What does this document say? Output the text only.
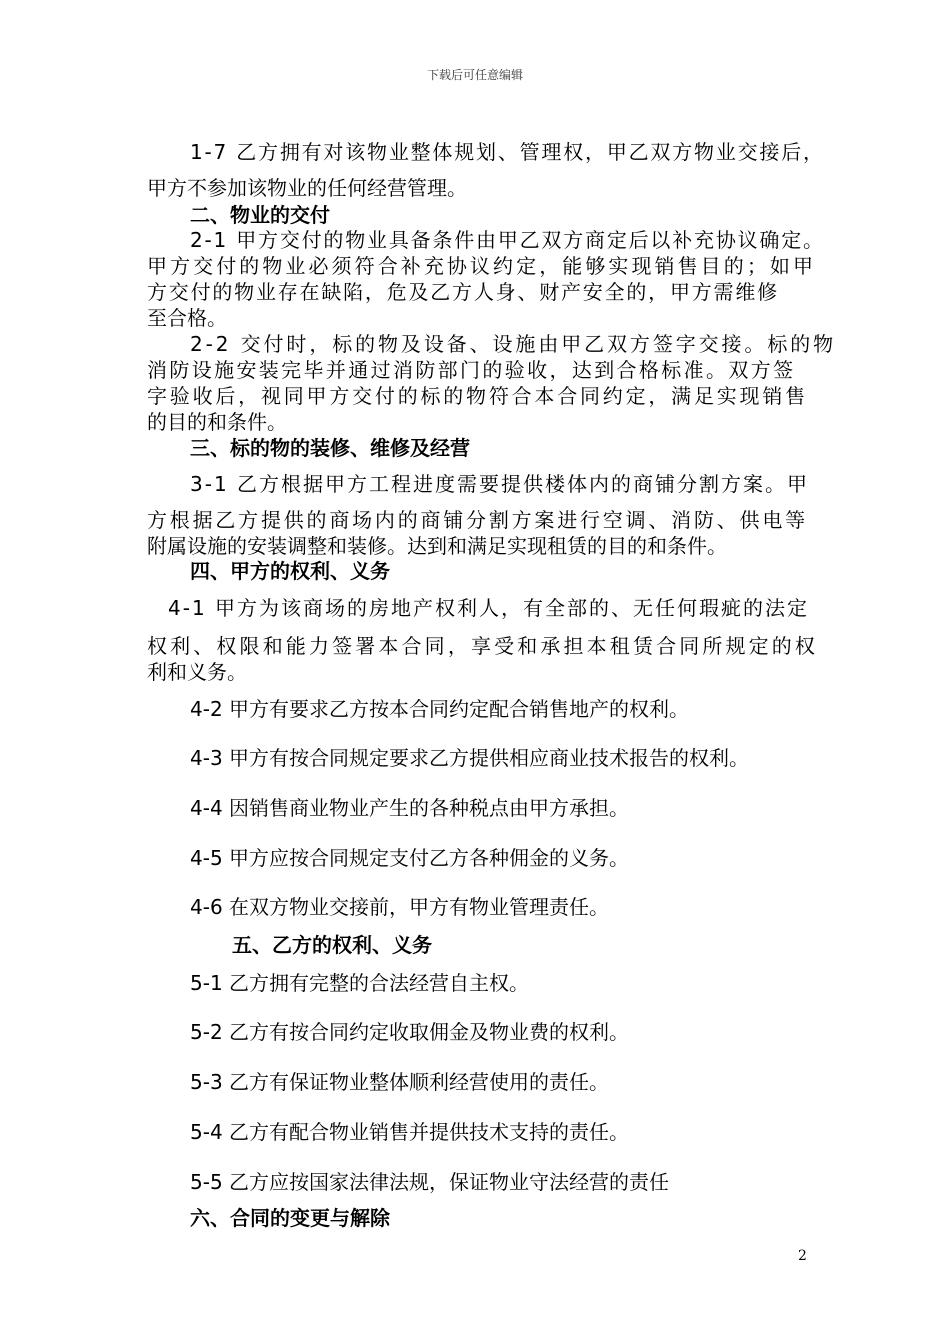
下载后可任意编辑
1-7 乙方拥有对该物业整体规划、管理权，甲乙双方物业交接后，
甲方不参加该物业的任何经营管理。
二、物业的交付
2-1 甲方交付的物业具备条件由甲乙双方商定后以补充协议确定。
甲方交付的物业必须符合补充协议约定，能够实现销售目的；如甲
方交付的物业存在缺陷，危及乙方人身、财产安全的，甲方需维修
至合格。
2-2 交付时，标的物及设备、设施由甲乙双方签字交接。标的物
消防设施安装完毕并通过消防部门的验收，达到合格标准。双方签
字验收后，视同甲方交付的标的物符合本合同约定，满足实现销售
的目的和条件。
三、标的物的装修、维修及经营
3-1 乙方根据甲方工程进度需要提供楼体内的商铺分割方案。甲
方根据乙方提供的商场内的商铺分割方案进行空调、消防、供电等
附属设施的安装调整和装修。达到和满足实现租赁的目的和条件。
四、甲方的权利、义务
4-1 甲方为该商场的房地产权利人，有全部的、无任何瑕疵的法定
权利、权限和能力签署本合同，享受和承担本租赁合同所规定的权
利和义务。
4-2 甲方有要求乙方按本合同约定配合销售地产的权利。
4-3 甲方有按合同规定要求乙方提供相应商业技术报告的权利。
4-4 因销售商业物业产生的各种税点由甲方承担。
4-5 甲方应按合同规定支付乙方各种佣金的义务。
4-6 在双方物业交接前，甲方有物业管理责任。
五、乙方的权利、义务
5-1 乙方拥有完整的合法经营自主权。
5-2 乙方有按合同约定收取佣金及物业费的权利。
5-3 乙方有保证物业整体顺利经营使用的责任。
5-4 乙方有配合物业销售并提供技术支持的责任。
5-5 乙方应按国家法律法规，保证物业守法经营的责任
六、合同的变更与解除
2
